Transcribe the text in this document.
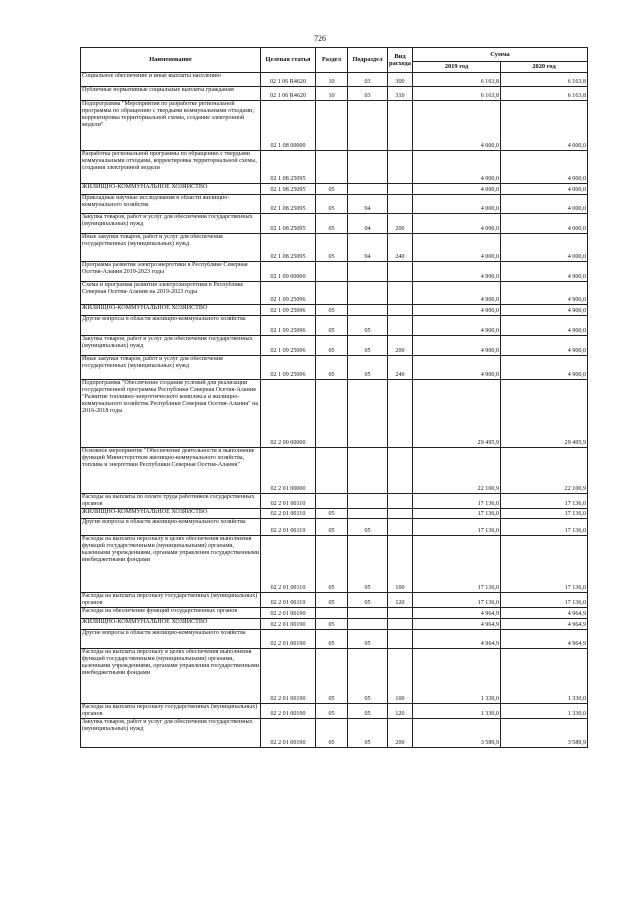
726
Наименование	Целевая статья	Раздел	Подраздел	Вид расхода	Сумма	
					2019 год	2020 год
Социальное обеспечение и иные выплаты населению	02 1 06 R4620	10	03	300	6 163,8	6 163,8
Публичные нормативные социальные выплаты гражданам	02 1 06 R4620	10	03	310	6 163,8	6 163,8
Подпрограмма "Мероприятия по разработке региональной программы по обращению с твердыми коммунальными отходами, корректировка территориальной схемы, создание электронной модели"	02 1 08 00000				4 000,0	4 000,0
Разработка региональной программы по обращению с твердыми коммунальными отходами, корректировка территориальной схемы, создания электронной модели	02 1 08 25095				4 000,0	4 000,0
ЖИЛИЩНО-КОММУНАЛЬНОЕ ХОЗЯЙСТВО	02 1 08 25095	05			4 000,0	4 000,0
Прикладные научные исследования в области жилищно-коммунального хозяйства	02 1 08 25095	05	04		4 000,0	4 000,0
Закупка товаров, работ и услуг для обеспечения государственных (муниципальных) нужд	02 1 08 25095	05	04	200	4 000,0	4 000,0
Иные закупки товаров, работ и услуг для обеспечения государственных (муниципальных) нужд	02 1 08 25095	05	04	240	4 000,0	4 000,0
Программа развития электроэнергетики в Республике Северная Осетия-Алания 2019-2023 годы	02 1 09 00000				4 900,0	4 900,0
Схема и программа развития электроэнергетики в Республике Северная Осетия-Алания на 2019-2023 годы	02 1 09 25096				4 900,0	4 900,0
ЖИЛИЩНО-КОММУНАЛЬНОЕ ХОЗЯЙСТВО	02 1 09 25096	05			4 900,0	4 900,0
Другие вопросы в области жилищно-коммунального хозяйства	02 1 09 25096	05	05		4 900,0	4 900,0
Закупка товаров, работ и услуг для обеспечения государственных (муниципальных) нужд	02 1 09 25096	05	05	200	4 900,0	4 900,0
Иные закупки товаров, работ и услуг для обеспечения государственных (муниципальных) нужд	02 1 09 25096	05	05	240	4 900,0	4 900,0
Подпрограмма "Обеспечение создания условий для реализации государственной программы Республики Северная Осетия-Алания "Развитие топливно-энергетического комплекса и жилищно-коммунального хозяйства Республики Северная Осетия-Алания" на 2016-2018 годы	02 2 00 00000				29 495,9	29 495,9
Основное мероприятие "Обеспечение деятельности и выполнение функций Министерством жилищно-коммунального хозяйства, топлива и энергетики Республики Северная Осетия-Алания"	02 2 01 00000				22 100,9	22 100,9
Расходы на выплаты по оплате труда работников государственных органов	02 2 01 00110				17 136,0	17 136,0
ЖИЛИЩНО-КОММУНАЛЬНОЕ ХОЗЯЙСТВО	02 2 01 00110	05			17 136,0	17 136,0
Другие вопросы в области жилищно-коммунального хозяйства	02 2 01 00110	05	05		17 136,0	17 136,0
Расходы на выплаты персоналу в целях обеспечения выполнения функций государственными (муниципальными) органами, казенными учреждениями, органами управления государственными внебюджетными фондами	02 2 01 00110	05	05	100	17 136,0	17 136,0
Расходы на выплаты персоналу государственных (муниципальных) органов	02 2 01 00110	05	05	120	17 136,0	17 136,0
Расходы на обеспечение функций государственных органов	02 2 01 00190				4 964,9	4 964,9
ЖИЛИЩНО-КОММУНАЛЬНОЕ ХОЗЯЙСТВО	02 2 01 00190	05			4 964,9	4 964,9
Другие вопросы в области жилищно-коммунального хозяйства	02 2 01 00190	05	05		4 964,9	4 964,9
Расходы на выплаты персоналу в целях обеспечения выполнения функций государственными (муниципальными) органами, казенными учреждениями, органами управления государственными внебюджетными фондами	02 2 01 00190	05	05	100	1 330,0	1 330,0
Расходы на выплаты персоналу государственных (муниципальных) органов	02 2 01 00190	05	05	120	1 330,0	1 330,0
Закупка товаров, работ и услуг для обеспечения государственных (муниципальных) нужд	02 2 01 00190	05	05	200	3 589,9	3 589,9
